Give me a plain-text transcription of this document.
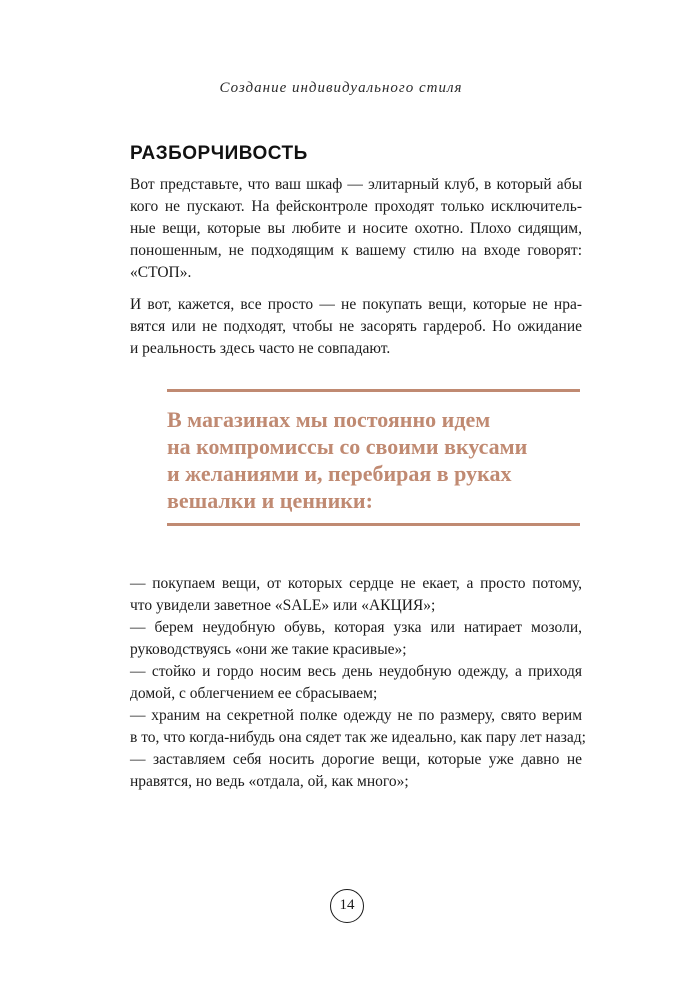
Создание индивидуального стиля
РАЗБОРЧИВОСТЬ

Вот представьте, что ваш шкаф — элитарный клуб, в который абы
кого не пускают. На фейсконтроле проходят только исключитель-
ные вещи, которые вы любите и носите охотно. Плохо сидящим,
поношенным, не подходящим к вашему стилю на входе говорят:
«СТОП».

И вот, кажется, все просто — не покупать вещи, которые не нра-
вятся или не подходят, чтобы не засорять гардероб. Но ожидание
и реальность здесь часто не совпадают.

В магазинах мы постоянно идем
на компромиссы со своими вкусами
и желаниями и, перебирая в руках
вешалки и ценники:

— покупаем вещи, от которых сердце не екает, а просто потому,
что увидели заветное «SALE» или «АКЦИЯ»;

— берем неудобную обувь, которая узка или натирает мозоли,
руководствуясь «они же такие красивые»;

— стойко и гордо носим весь день неудобную одежду, а приходя
домой, с облегчением ее сбрасываем;

— храним на секретной полке одежду не по размеру, свято верим
в то, что когда-нибудь она сядет так же идеально, как пару лет назад;

— заставляем себя носить дорогие вещи, которые уже давно не
нравятся, но ведь «отдала, ой, как много»;

14
